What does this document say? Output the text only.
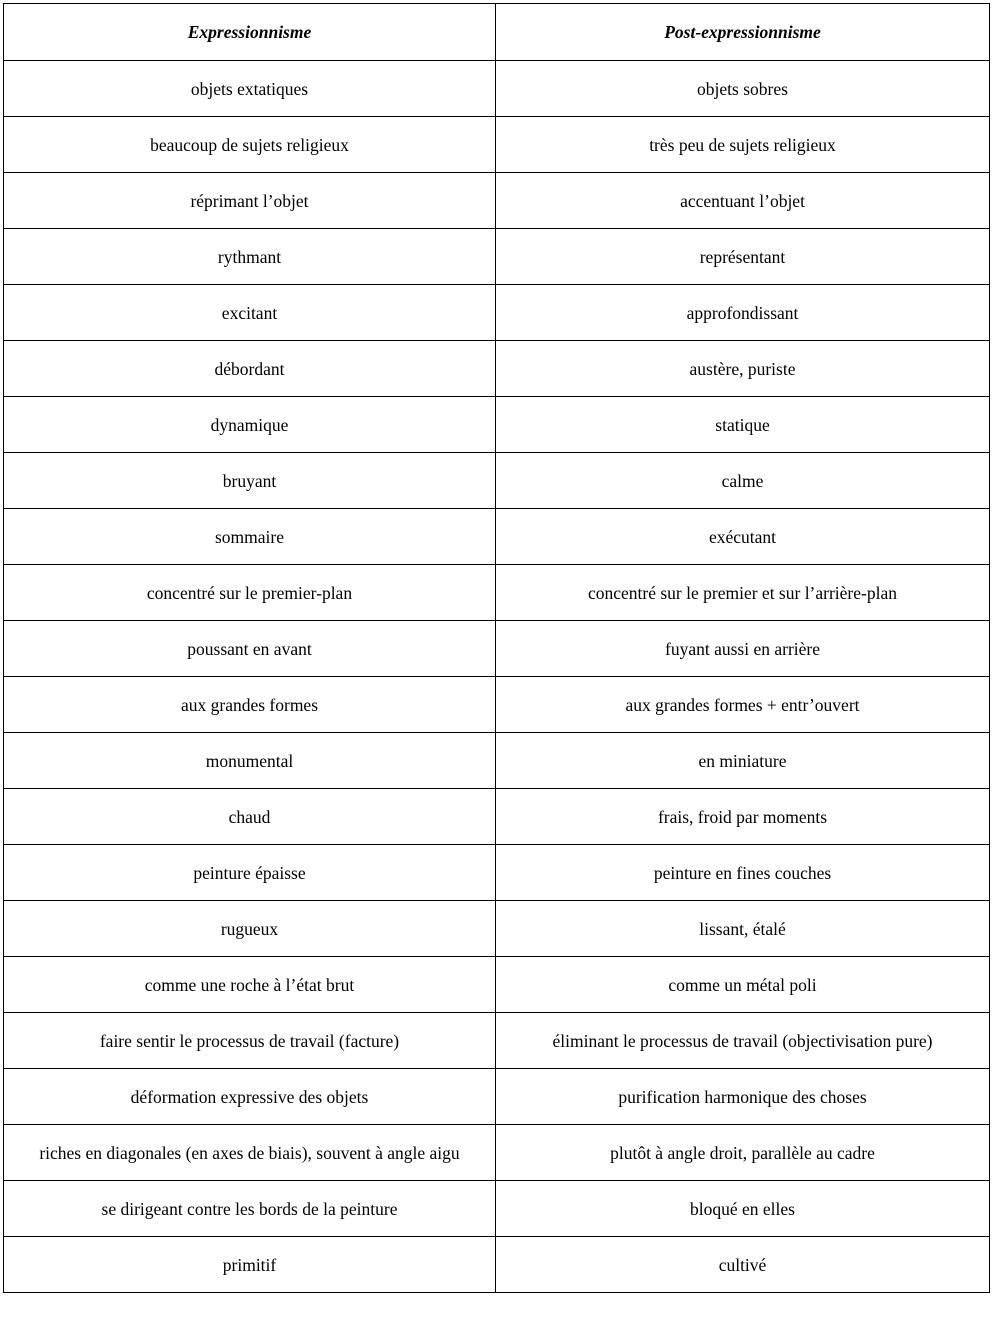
Expressionnisme	Post-expressionnisme
objets extatiques	objets sobres
beaucoup de sujets religieux	très peu de sujets religieux
réprimant l’objet	accentuant l’objet
rythmant	représentant
excitant	approfondissant
débordant	austère, puriste
dynamique	statique
bruyant	calme
sommaire	exécutant
concentré sur le premier-plan	concentré sur le premier et sur l’arrière-plan
poussant en avant	fuyant aussi en arrière
aux grandes formes	aux grandes formes + entr’ouvert
monumental	en miniature
chaud	frais, froid par moments
peinture épaisse	peinture en fines couches
rugueux	lissant, étalé
comme une roche à l’état brut	comme un métal poli
faire sentir le processus de travail (facture)	éliminant le processus de travail (objectivisation pure)
déformation expressive des objets	purification harmonique des choses
riches en diagonales (en axes de biais), souvent à angle aigu	plutôt à angle droit, parallèle au cadre
se dirigeant contre les bords de la peinture	bloqué en elles
primitif	cultivé
